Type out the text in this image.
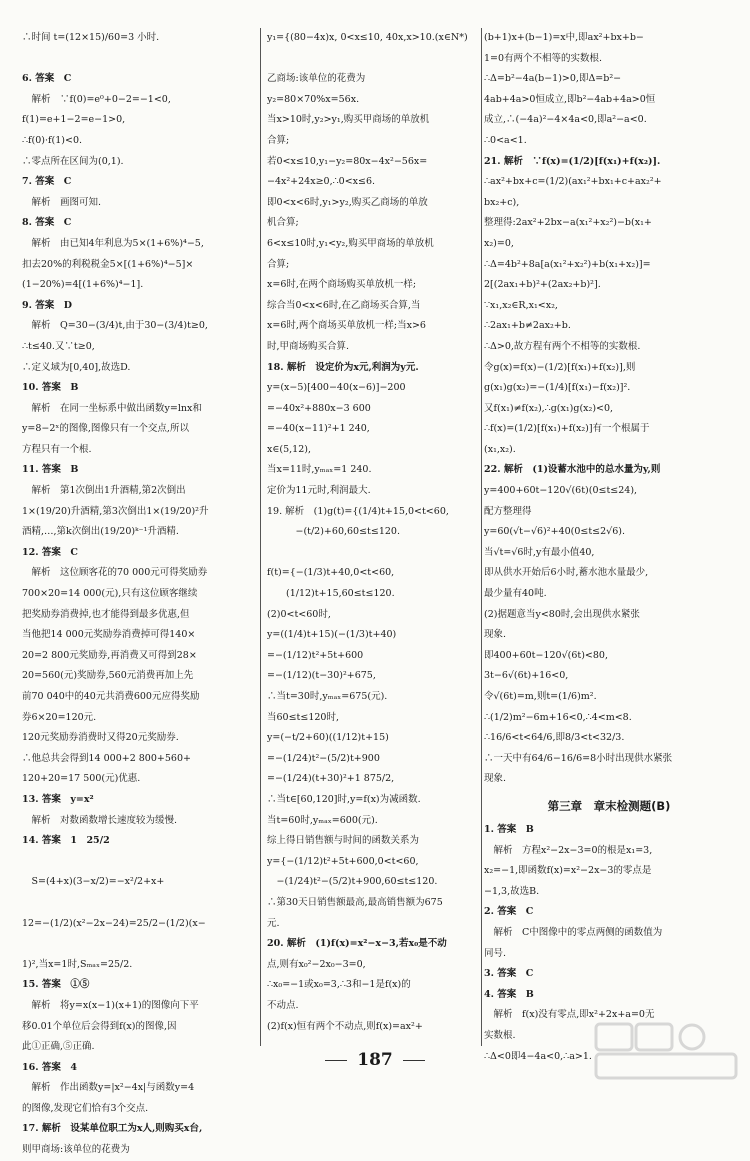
∴时间 t=(12×15)/60=3 小时.

6. 答案　C
　解析　∵f(0)=e⁰+0−2=−1<0,
f(1)=e+1−2=e−1>0,
∴f(0)·f(1)<0.
∴零点所在区间为(0,1).
7. 答案　C
　解析　画图可知.
8. 答案　C
　解析　由已知4年利息为5×(1+6%)⁴−5,
扣去20%的利税税金5×[(1+6%)⁴−5]×
(1−20%)=4[(1+6%)⁴−1].
9. 答案　D
　解析　Q=30−(3/4)t,由于30−(3/4)t≥0,
∴t≤40.又∵t≥0,
∴定义域为[0,40],故选D.
10. 答案　B
　解析　在同一坐标系中做出函数y=lnx和
y=8−2ˣ的图像,图像只有一个交点,所以
方程只有一个根.
11. 答案　B
　解析　第1次倒出1升酒精,第2次倒出
1×(19/20)升酒精,第3次倒出1×(19/20)²升
酒精,…,第k次倒出(19/20)ᵏ⁻¹升酒精.
12. 答案　C
　解析　这位顾客花的70 000元可得奖励券
700×20=14 000(元),只有这位顾客继续
把奖励券消费掉,也才能得到最多优惠,但
当他把14 000元奖励券消费掉可得140×
20=2 800元奖励券,再消费又可得到28×
20=560(元)奖励券,560元消费再加上先
前70 040中的40元共消费600元应得奖励
券6×20=120元.
120元奖励券消费时又得20元奖励券.
∴他总共会得到14 000+2 800+560+
120+20=17 500(元)优惠.
13. 答案　y=x²
　解析　对数函数增长速度较为缓慢.
14. 答案　1　25/2

　S=(4+x)(3−x/2)=−x²/2+x+

12=−(1/2)(x²−2x−24)=25/2−(1/2)(x−

1)²,当x=1时,Sₘₐₓ=25/2.
15. 答案　①⑤
　解析　将y=x(x−1)(x+1)的图像向下平
移0.01个单位后会得到f(x)的图像,因
此①正确,⑤正确.
16. 答案　4
　解析　作出函数y=|x²−4x|与函数y=4
的图像,发现它们恰有3个交点.
17. 解析　设某单位职工为x人,则购买x台,
则甲商场:该单位的花费为
y₁={(80−4x)x, 0<x≤10, 40x,x>10.(x∈N*)

乙商场:该单位的花费为
y₂=80×70%x=56x.
当x>10时,y₂>y₁,购买甲商场的单放机
合算;
若0<x≤10,y₁−y₂=80x−4x²−56x=
−4x²+24x≥0,∴0<x≤6.
即0<x<6时,y₁>y₂,购买乙商场的单放
机合算;
6<x≤10时,y₁<y₂,购买甲商场的单放机
合算;
x=6时,在两个商场购买单放机一样;
综合当0<x<6时,在乙商场买合算,当
x=6时,两个商场买单放机一样;当x>6
时,甲商场购买合算.
18. 解析　设定价为x元,利润为y元.
y=(x−5)[400−40(x−6)]−200
=−40x²+880x−3 600
=−40(x−11)²+1 240,
x∈(5,12),
当x=11时,yₘₐₓ=1 240.
定价为11元时,利润最大.
19. 解析　(1)g(t)={(1/4)t+15,0<t<60,
　　　−(t/2)+60,60≤t≤120.

f(t)={−(1/3)t+40,0<t<60,
　　(1/12)t+15,60≤t≤120.
(2)0<t<60时,
y=((1/4)t+15)(−(1/3)t+40)
=−(1/12)t²+5t+600
=−(1/12)(t−30)²+675,
∴当t=30时,yₘₐₓ=675(元).
当60≤t≤120时,
y=(−t/2+60)((1/12)t+15)
=−(1/24)t²−(5/2)t+900
=−(1/24)(t+30)²+1 875/2,
∴当t∈[60,120]时,y=f(x)为减函数.
当t=60时,yₘₐₓ=600(元).
综上得日销售额与时间的函数关系为
y={−(1/12)t²+5t+600,0<t<60,
　−(1/24)t²−(5/2)t+900,60≤t≤120.
∴第30天日销售额最高,最高销售额为675
元.
20. 解析　(1)f(x)=x²−x−3,若x₀是不动
点,则有x₀²−2x₀−3=0,
∴x₀=−1或x₀=3,∴3和−1是f(x)的
不动点.
(2)f(x)恒有两个不动点,则f(x)=ax²+
(b+1)x+(b−1)=x中,即ax²+bx+b−
1=0有两个不相等的实数根.
∴Δ=b²−4a(b−1)>0,即Δ=b²−
4ab+4a>0恒成立,即b²−4ab+4a>0恒
成立,∴(−4a)²−4×4a<0,即a²−a<0.
∴0<a<1.
21. 解析　∵f(x)=(1/2)[f(x₁)+f(x₂)].
∴ax²+bx+c=(1/2)(ax₁²+bx₁+c+ax₂²+
bx₂+c),
整理得:2ax²+2bx−a(x₁²+x₂²)−b(x₁+
x₂)=0,
∴Δ=4b²+8a[a(x₁²+x₂²)+b(x₁+x₂)]=
2[(2ax₁+b)²+(2ax₂+b)²].
∵x₁,x₂∈R,x₁<x₂,
∴2ax₁+b≠2ax₂+b.
∴Δ>0,故方程有两个不相等的实数根.
令g(x)=f(x)−(1/2)[f(x₁)+f(x₂)],则
g(x₁)g(x₂)=−(1/4)[f(x₁)−f(x₂)]².
又f(x₁)≠f(x₂),∴g(x₁)g(x₂)<0,
∴f(x)=(1/2)[f(x₁)+f(x₂)]有一个根属于
(x₁,x₂).
22. 解析　(1)设蓄水池中的总水量为y,则
y=400+60t−120√(6t)(0≤t≤24),
配方整理得
y=60(√t−√6)²+40(0≤t≤2√6).
当√t=√6时,y有最小值40,
即从供水开始后6小时,蓄水池水量最少,
最少量有40吨.
(2)据题意当y<80时,会出现供水紧张
现象.
即400+60t−120√(6t)<80,
3t−6√(6t)+16<0,
令√(6t)=m,则t=(1/6)m².
∴(1/2)m²−6m+16<0,∴4<m<8.
∴16/6<t<64/6,即8/3<t<32/3.
∴一天中有64/6−16/6=8小时出现供水紧张
现象.
第三章　章末检测题(B)
1. 答案　B
　解析　方程x²−2x−3=0的根是x₁=3,
x₂=−1,即函数f(x)=x²−2x−3的零点是
−1,3,故选B.
2. 答案　C
　解析　C中图像中的零点两侧的函数值为
同号.
3. 答案　C
4. 答案　B
　解析　f(x)没有零点,即x²+2x+a=0无
实数根.
∴Δ<0即4−4a<0,∴a>1.
187
